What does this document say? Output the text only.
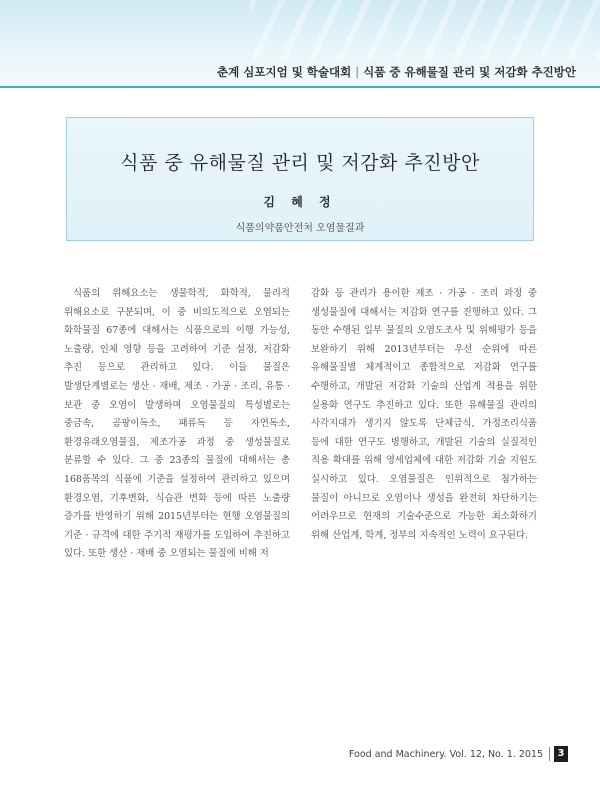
춘계 심포지엄 및 학술대회 | 식품 중 유해물질 관리 및 저감화 추진방안
식품 중 유해물질 관리 및 저감화 추진방안
김 혜 정
식품의약품안전처 오염물질과

식품의 위해요소는 생물학적, 화학적, 물리적 위해요소로 구분되며, 이 중 비의도적으로 오염되는 화학물질 67종에 대해서는 식품으로의 이행 가능성, 노출량, 인체 영향 등을 고려하여 기준 설정, 저감화 추진 등으로 관리하고 있다. 이들 물질은 발생단계별로는 생산 · 재배, 제조 · 가공 · 조리, 유통 · 보관 중 오염이 발생하며 오염물질의 특성별로는 중금속, 곰팡이독소, 패류독 등 자연독소, 환경유래오염물질, 제조가공 과정 중 생성물질로 분류할 수 있다. 그 중 23종의 물질에 대해서는 총 168품목의 식품에 기준을 설정하여 관리하고 있으며 환경오염, 기후변화, 식습관 변화 등에 따른 노출량 증가를 반영하기 위해 2015년부터는 현행 오염물질의 기준 · 규격에 대한 주기적 재평가를 도입하여 추진하고 있다. 또한 생산 · 재배 중 오염되는 물질에 비해 저

감화 등 관리가 용이한 제조 · 가공 · 조리 과정 중 생성물질에 대해서는 저감화 연구를 진행하고 있다. 그 동안 수행된 일부 물질의 오염도조사 및 위해평가 등을 보완하기 위해 2013년부터는 우선 순위에 따른 유해물질별 체계적이고 종합적으로 저감화 연구를 수행하고, 개발된 저감화 기술의 산업계 적용을 위한 실용화 연구도 추진하고 있다. 또한 유해물질 관리의 사각지대가 생기지 않도록 단체급식, 가정조리식품 등에 대한 연구도 병행하고, 개발된 기술의 실질적인 적용 확대를 위해 영세업체에 대한 저감화 기술 지원도 실시하고 있다. 오염물질은 인위적으로 첨가하는 물질이 아니므로 오염이나 생성을 완전히 차단하기는 어려우므로 현재의 기술수준으로 가능한 최소화하기 위해 산업계, 학계, 정부의 지속적인 노력이 요구된다.

Food and Machinery. Vol. 12, No. 1. 2015	3
